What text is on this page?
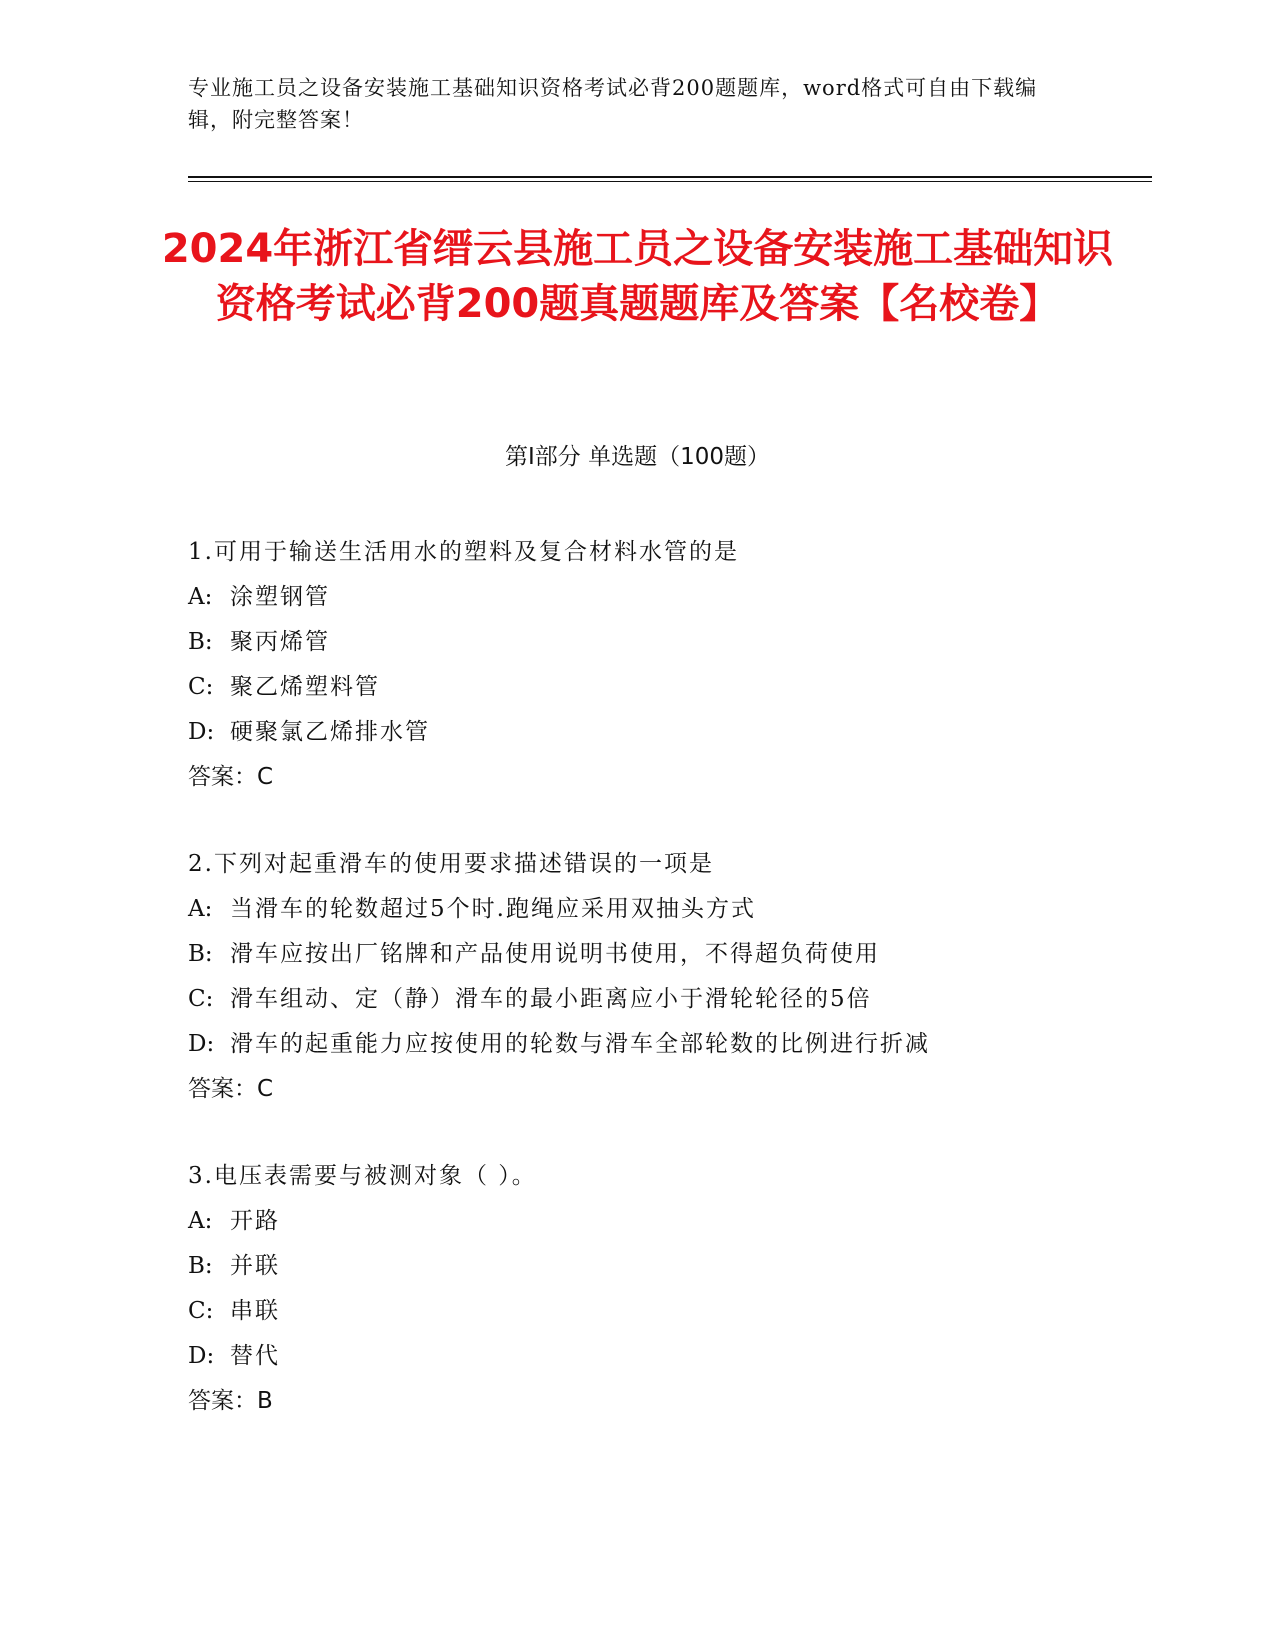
专业施工员之设备安装施工基础知识资格考试必背200题题库，word格式可自由下载编辑，附完整答案！
2024年浙江省缙云县施工员之设备安装施工基础知识资格考试必背200题真题题库及答案【名校卷】
第I部分 单选题（100题）
1.可用于输送生活用水的塑料及复合材料水管的是
A: 涂塑钢管
B: 聚丙烯管
C: 聚乙烯塑料管
D: 硬聚氯乙烯排水管
答案：C
2.下列对起重滑车的使用要求描述错误的一项是
A: 当滑车的轮数超过5个时.跑绳应采用双抽头方式
B: 滑车应按出厂铭牌和产品使用说明书使用，不得超负荷使用
C: 滑车组动、定（静）滑车的最小距离应小于滑轮轮径的5倍
D: 滑车的起重能力应按使用的轮数与滑车全部轮数的比例进行折减
答案：C
3.电压表需要与被测对象（ ）。
A: 开路
B: 并联
C: 串联
D: 替代
答案：B
